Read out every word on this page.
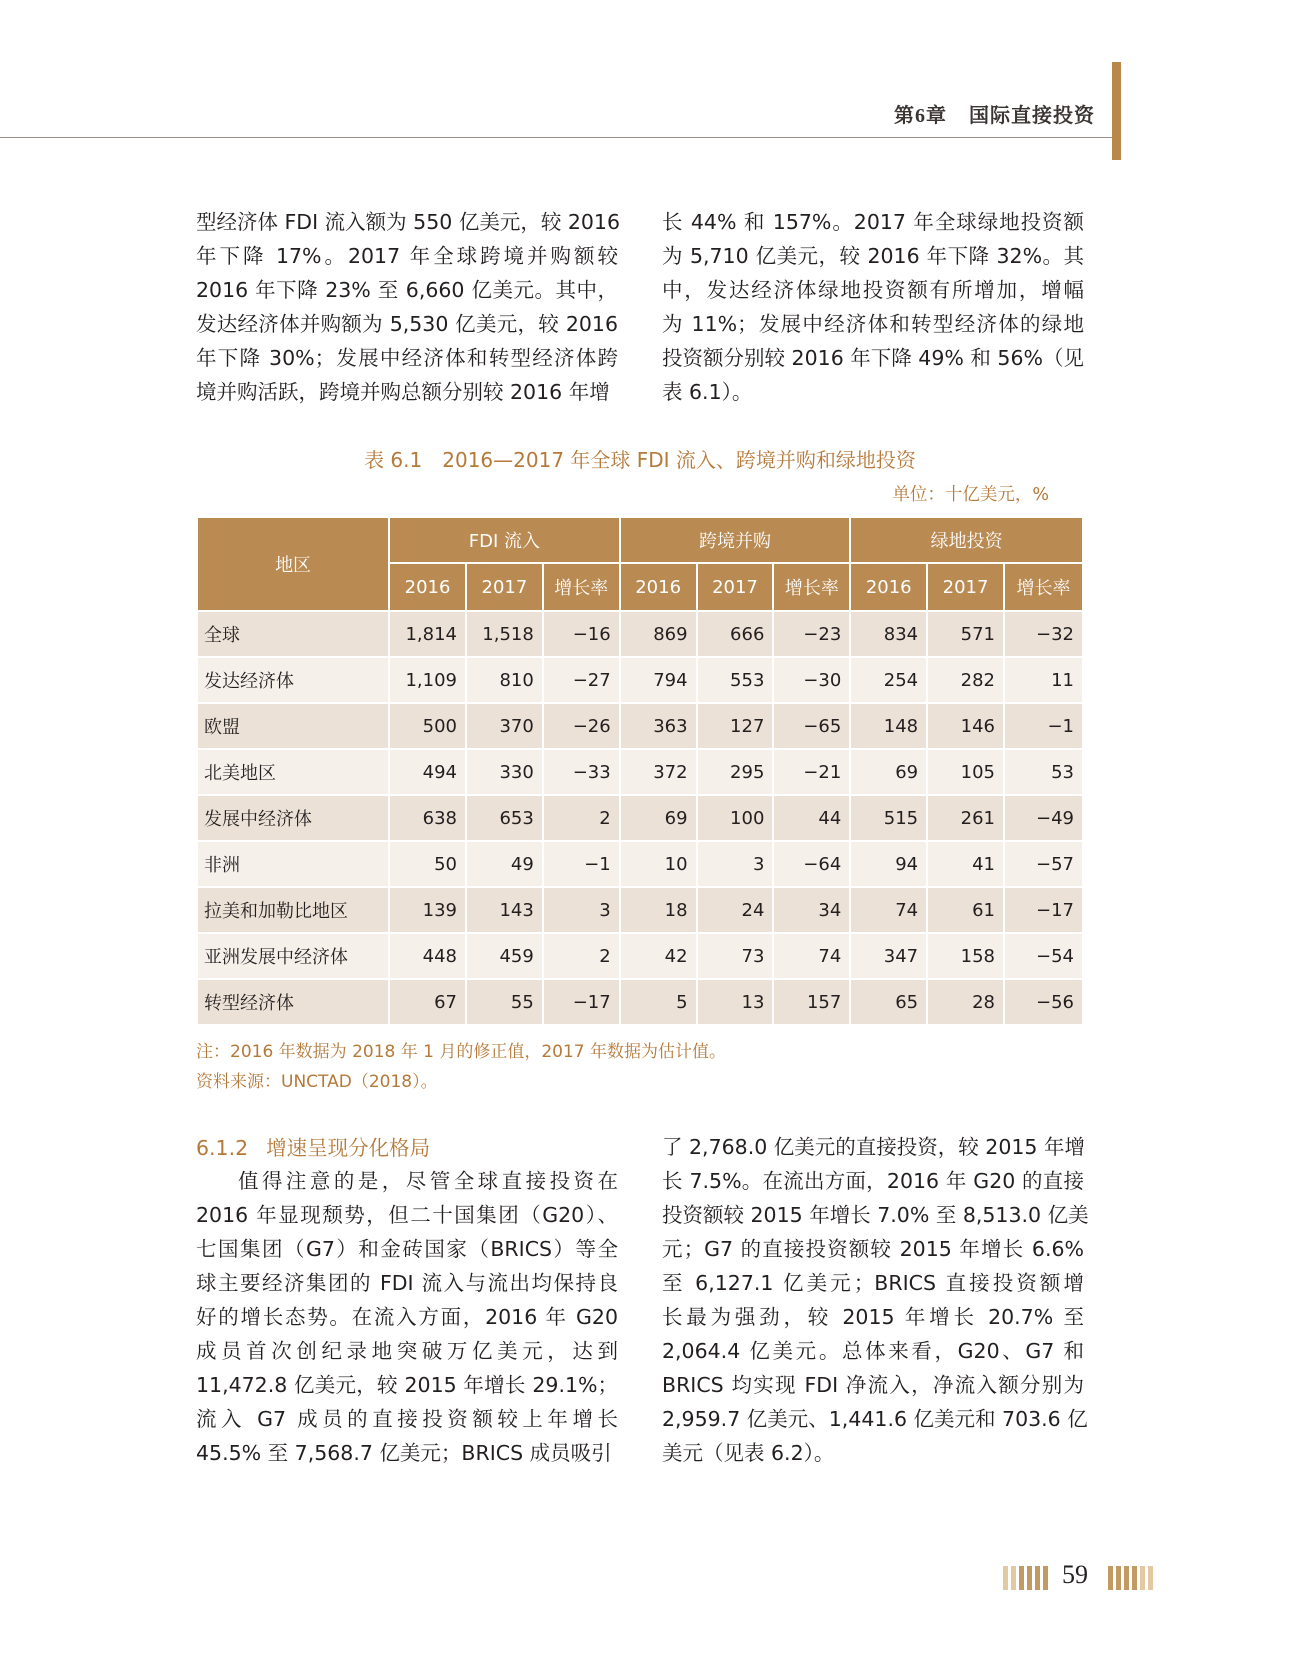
第6章 国际直接投资
型经济体 FDI 流入额为 550 亿美元，较 2016
年下降 17%。2017 年全球跨境并购额较
2016 年下降 23% 至 6,660 亿美元。其中，
发达经济体并购额为 5,530 亿美元，较 2016
年下降 30%；发展中经济体和转型经济体跨
境并购活跃，跨境并购总额分别较 2016 年增
长 44% 和 157%。2017 年全球绿地投资额
为 5,710 亿美元，较 2016 年下降 32%。其
中，发达经济体绿地投资额有所增加，增幅
为 11%；发展中经济体和转型经济体的绿地
投资额分别较 2016 年下降 49% 和 56%（见
表 6.1）。
表 6.1　2016—2017 年全球 FDI 流入、跨境并购和绿地投资
单位：十亿美元，%
地区	FDI 流入			跨境并购			绿地投资		
	2016	2017	增长率	2016	2017	增长率	2016	2017	增长率
全球	1,814	1,518	−16	869	666	−23	834	571	−32
发达经济体	1,109	810	−27	794	553	−30	254	282	11
欧盟	500	370	−26	363	127	−65	148	146	−1
北美地区	494	330	−33	372	295	−21	69	105	53
发展中经济体	638	653	2	69	100	44	515	261	−49
非洲	50	49	−1	10	3	−64	94	41	−57
拉美和加勒比地区	139	143	3	18	24	34	74	61	−17
亚洲发展中经济体	448	459	2	42	73	74	347	158	−54
转型经济体	67	55	−17	5	13	157	65	28	−56
注：2016 年数据为 2018 年 1 月的修正值，2017 年数据为估计值。
资料来源：UNCTAD（2018）。
6.1.2 增速呈现分化格局
值得注意的是，尽管全球直接投资在
2016 年显现颓势，但二十国集团（G20）、
七国集团（G7）和金砖国家（BRICS）等全
球主要经济集团的 FDI 流入与流出均保持良
好的增长态势。在流入方面，2016 年 G20
成员首次创纪录地突破万亿美元，达到
11,472.8 亿美元，较 2015 年增长 29.1%；
流入 G7 成员的直接投资额较上年增长
45.5% 至 7,568.7 亿美元；BRICS 成员吸引
了 2,768.0 亿美元的直接投资，较 2015 年增
长 7.5%。在流出方面，2016 年 G20 的直接
投资额较 2015 年增长 7.0% 至 8,513.0 亿美
元；G7 的直接投资额较 2015 年增长 6.6%
至 6,127.1 亿美元；BRICS 直接投资额增
长最为强劲，较 2015 年增长 20.7% 至
2,064.4 亿美元。总体来看，G20、G7 和
BRICS 均实现 FDI 净流入，净流入额分别为
2,959.7 亿美元、1,441.6 亿美元和 703.6 亿
美元（见表 6.2）。
59
